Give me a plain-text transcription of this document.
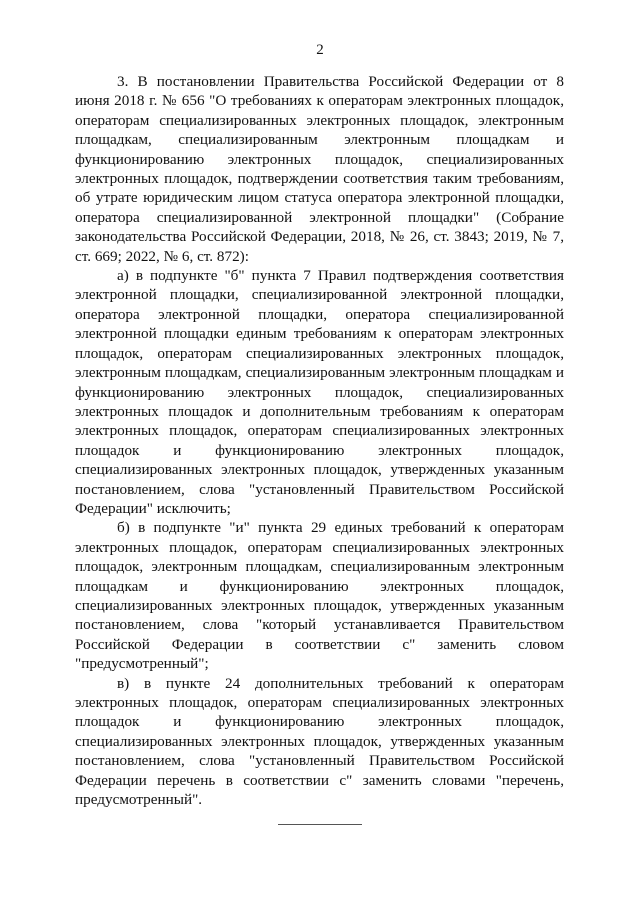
2

3. В постановлении Правительства Российской Федерации от 8 июня 2018 г. № 656 "О требованиях к операторам электронных площадок, операторам специализированных электронных площадок, электронным площадкам, специализированным электронным площадкам и функционированию электронных площадок, специализированных электронных площадок, подтверждении соответствия таким требованиям, об утрате юридическим лицом статуса оператора электронной площадки, оператора специализированной электронной площадки" (Собрание законодательства Российской Федерации, 2018, № 26, ст. 3843; 2019, № 7, ст. 669; 2022, № 6, ст. 872):

а) в подпункте "б" пункта 7 Правил подтверждения соответствия электронной площадки, специализированной электронной площадки, оператора электронной площадки, оператора специализированной электронной площадки единым требованиям к операторам электронных площадок, операторам специализированных электронных площадок, электронным площадкам, специализированным электронным площадкам и функционированию электронных площадок, специализированных электронных площадок и дополнительным требованиям к операторам электронных площадок, операторам специализированных электронных площадок и функционированию электронных площадок, специализированных электронных площадок, утвержденных указанным постановлением, слова "установленный Правительством Российской Федерации" исключить;

б) в подпункте "и" пункта 29 единых требований к операторам электронных площадок, операторам специализированных электронных площадок, электронным площадкам, специализированным электронным площадкам и функционированию электронных площадок, специализированных электронных площадок, утвержденных указанным постановлением, слова "который устанавливается Правительством Российской Федерации в соответствии с" заменить словом "предусмотренный";

в) в пункте 24 дополнительных требований к операторам электронных площадок, операторам специализированных электронных площадок и функционированию электронных площадок, специализированных электронных площадок, утвержденных указанным постановлением, слова "установленный Правительством Российской Федерации перечень в соответствии с" заменить словами "перечень, предусмотренный".
